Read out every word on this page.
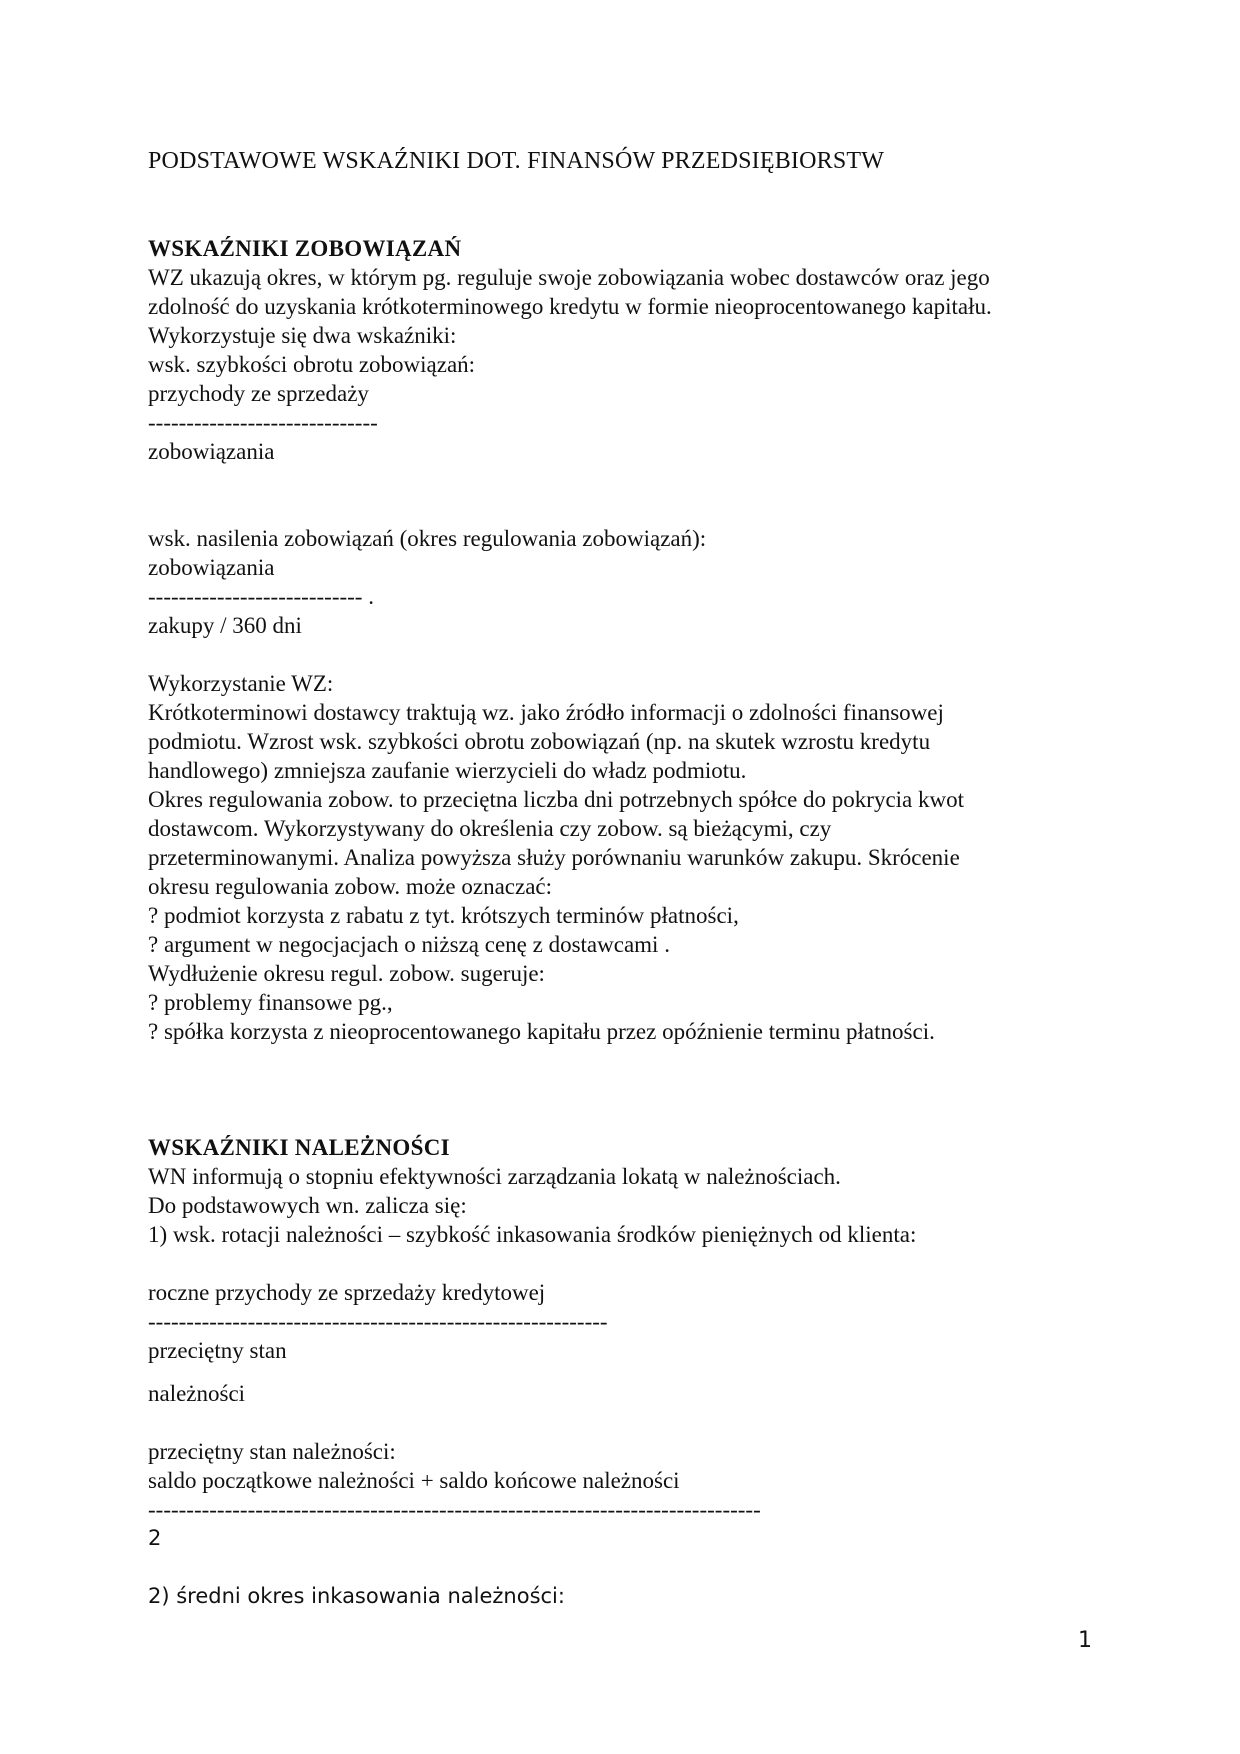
PODSTAWOWE WSKAŹNIKI DOT. FINANSÓW PRZEDSIĘBIORSTW
WSKAŹNIKI ZOBOWIĄZAŃ
WZ ukazują okres, w którym pg. reguluje swoje zobowiązania wobec dostawców oraz jego
zdolność do uzyskania krótkoterminowego kredytu w formie nieoprocentowanego kapitału.
Wykorzystuje się dwa wskaźniki:
wsk. szybkości obrotu zobowiązań:
przychody ze sprzedaży
------------------------------
zobowiązania
wsk. nasilenia zobowiązań (okres regulowania zobowiązań):
zobowiązania
---------------------------- .
zakupy / 360 dni
Wykorzystanie WZ:
Krótkoterminowi dostawcy traktują wz. jako źródło informacji o zdolności finansowej
podmiotu. Wzrost wsk. szybkości obrotu zobowiązań (np. na skutek wzrostu kredytu
handlowego) zmniejsza zaufanie wierzycieli do władz podmiotu.
Okres regulowania zobow. to przeciętna liczba dni potrzebnych spółce do pokrycia kwot
dostawcom. Wykorzystywany do określenia czy zobow. są bieżącymi, czy
przeterminowanymi. Analiza powyższa służy porównaniu warunków zakupu. Skrócenie
okresu regulowania zobow. może oznaczać:
? podmiot korzysta z rabatu z tyt. krótszych terminów płatności,
? argument w negocjacjach o niższą cenę z dostawcami .
Wydłużenie okresu regul. zobow. sugeruje:
? problemy finansowe pg.,
? spółka korzysta z nieoprocentowanego kapitału przez opóźnienie terminu płatności.
WSKAŹNIKI NALEŻNOŚCI
WN informują o stopniu efektywności zarządzania lokatą w należnościach.
Do podstawowych wn. zalicza się:
1) wsk. rotacji należności – szybkość inkasowania środków pieniężnych od klienta:
roczne przychody ze sprzedaży kredytowej
------------------------------------------------------------
przeciętny stan
należności
przeciętny stan należności:
saldo początkowe należności + saldo końcowe należności
--------------------------------------------------------------------------------
2
2) średni okres inkasowania należności:
1
